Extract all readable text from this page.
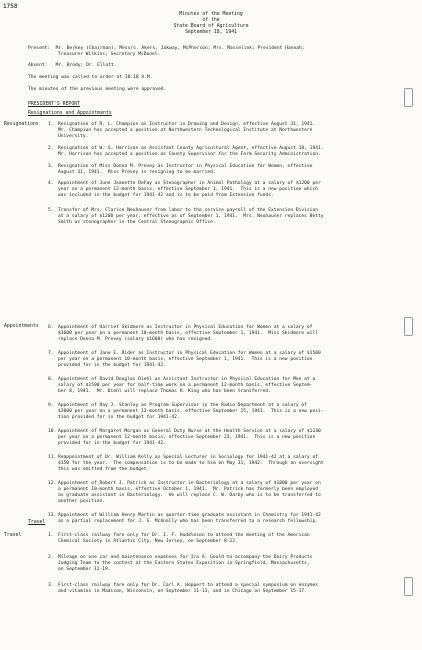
1758
Minutes of the Meeting
of the
State Board of Agriculture
September 18, 1941
Present:  Mr. Berkey (Chairman); Messrs. Akers, Jakway, McPherson; Mrs. Masselink; President Hannah;
Treasurer Wilkins; Secretary McDonel.
Absent:   Mr. Brody; Dr. Ellott.
The meeting was called to order at 10:10 A.M.
The minutes of the previous meeting were approved.
PRESIDENT'S REPORT
Resignations and Appointments
Resignations
Appointments
Travel
1. Resignation of R. L. Champion as Instructor in Drawing and Design, effective August 31, 1941.
Mr. Champion has accepted a position at Northwestern Technological Institute at Northwestern
University.
2. Resignation of W. S. Harrison as Assistant County Agricultural Agent, effective August 18, 1941.
Mr. Harrison has accepted a position as County Supervisor for the Farm Security Administration.
3. Resignation of Miss Donna M. Prevey as Instructor in Physical Education for Women, effective
August 31, 1941.  Miss Prevey is resigning to be married.
4. Appointment of June Jeanette DeFay as Stenographer in Animal Pathology at a salary of $1200 per
year on a permanent 12-month basis, effective September 1, 1941.  This is a new position which
was included in the budget for 1941-42 and is to be paid from Extension funds.
5. Transfer of Mrs. Clarice Neuhauser from labor to the service payroll of the Extension Division
at a salary of $1200 per year, effective as of September 1, 1941.  Mrs. Neuhauser replaces Betty
Smith as stenographer in the Central Stenographic Office.
6. Appointment of Harriet Skidmore as Instructor in Physical Education for Women at a salary of
$1600 per year on a permanent 10-month basis, effective September 1, 1941.  Miss Skidmore will
replace Donna M. Prevey (salary $1600) who has resigned.
7. Appointment of Jane E. Rider as Instructor in Physical Education for Women at a salary of $1500
per year on a permanent 10-month basis, effective September 1, 1941.  This is a new position
provided for in the budget for 1941-42.
8. Appointment of David Douglas Diehl as Assistant Instructor in Physical Education for Men at a
salary of $1500 per year for half-time work on a permanent 12-month basis, effective Septem-
ber 8, 1941.  Mr. Diehl will replace Thomas H. King who has been transferred.
9. Appointment of Ray J. Stanley as Program Supervisor in the Radio Department at a salary of
$2000 per year on a permanent 12-month basis, effective September 15, 1941.  This is a new posi-
tion provided for in the budget for 1941-42.
10. Appointment of Margaret Morgan as General Duty Nurse at the Health Service at a salary of $1140
per year on a permanent 12-month basis, effective September 23, 1941.  This is a new position
provided for in the budget for 1941-42.
11. Reappointment of Dr. William Kelly as Special Lecturer in Sociology for 1941-42 at a salary of
$150 for the year.  The compensation is to be made to him on May 31, 1942.  Through an oversight
this was omitted from the budget.
12. Appointment of Robert J. Patrick as Instructor in Bacteriology at a salary of $1800 per year on
a permanent 10-month basis, effective October 1, 1941.  Mr. Patrick has formerly been employed
as graduate assistant in Bacteriology.  He will replace C. W. Darby who is to be transferred to
another position.
13. Appointment of William Henry Martin as quarter-time graduate assistant in Chemistry for 1941-42
as a partial replacement for J. S. McAnally who has been transferred to a research fellowship.
Travel
1. First-class railway fare only for Dr. I. F. Huddleson to attend the meeting of the American
Chemical Society in Atlantic City, New Jersey, on September 8-12.
2. Mileage on one car and maintenance expenses for Ira A. Gould to accompany the Dairy Products
Judging Team to the contest at the Eastern States Exposition in Springfield, Massachusetts,
on September 12-19.
3. First-class railway fare only for Dr. Carl A. Hoppert to attend a special symposium on enzymes
and vitamins in Madison, Wisconsin, on September 11-13, and in Chicago on September 15-17.
